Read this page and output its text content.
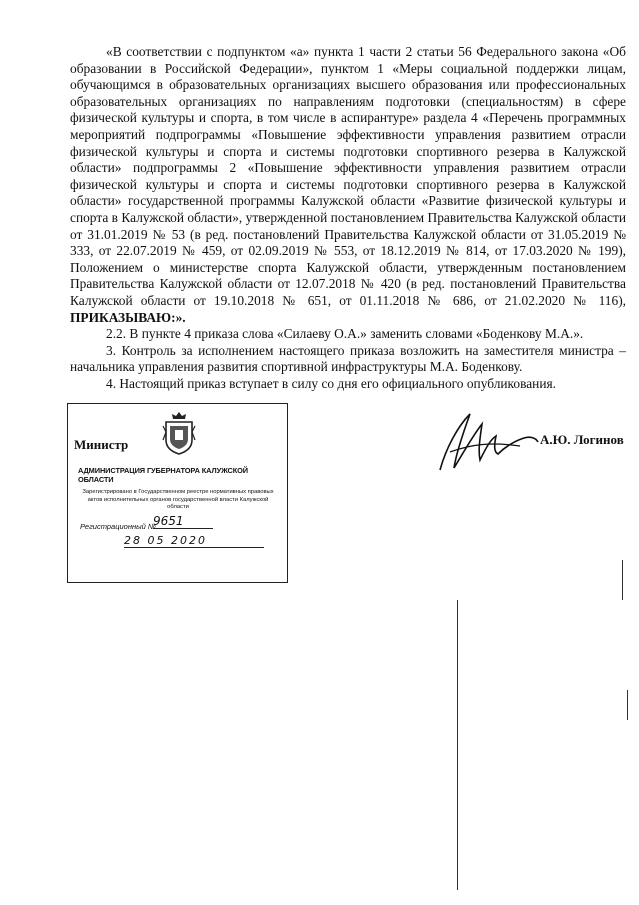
«В соответствии с подпунктом «а» пункта 1 части 2 статьи 56 Федерального закона «Об образовании в Российской Федерации», пунктом 1 «Меры социальной поддержки лицам, обучающимся в образовательных организациях высшего образования или профессиональных образовательных организациях по направлениям подготовки (специальностям) в сфере физической культуры и спорта, в том числе в аспирантуре» раздела 4 «Перечень программных мероприятий подпрограммы «Повышение эффективности управления развитием отрасли физической культуры и спорта и системы подготовки спортивного резерва в Калужской области» подпрограммы 2 «Повышение эффективности управления развитием отрасли физической культуры и спорта и системы подготовки спортивного резерва в Калужской области» государственной программы Калужской области «Развитие физической культуры и спорта в Калужской области», утвержденной постановлением Правительства Калужской области от 31.01.2019 № 53 (в ред. постановлений Правительства Калужской области от 31.05.2019 № 333, от 22.07.2019 № 459, от 02.09.2019 № 553, от 18.12.2019 № 814, от 17.03.2020 № 199), Положением о министерстве спорта Калужской области, утвержденным постановлением Правительства Калужской области от 12.07.2018 № 420 (в ред. постановлений Правительства Калужской области от 19.10.2018 № 651, от 01.11.2018 № 686, от 21.02.2020 № 116), ПРИКАЗЫВАЮ:».

2.2. В пункте 4 приказа слова «Силаеву О.А.» заменить словами «Боденкову М.А.».

3. Контроль за исполнением настоящего приказа возложить на заместителя министра – начальника управления развития спортивной инфраструктуры М.А. Боденкову.

4. Настоящий приказ вступает в силу со дня его официального опубликования.

Министр
АДМИНИСТРАЦИЯ ГУБЕРНАТОРА КАЛУЖСКОЙ ОБЛАСТИ
Зарегистрировано в Государственном реестре нормативных правовых актов исполнительных органов государственной власти Калужской области
Регистрационный №
9651
28 05 2020
А.Ю. Логинов
